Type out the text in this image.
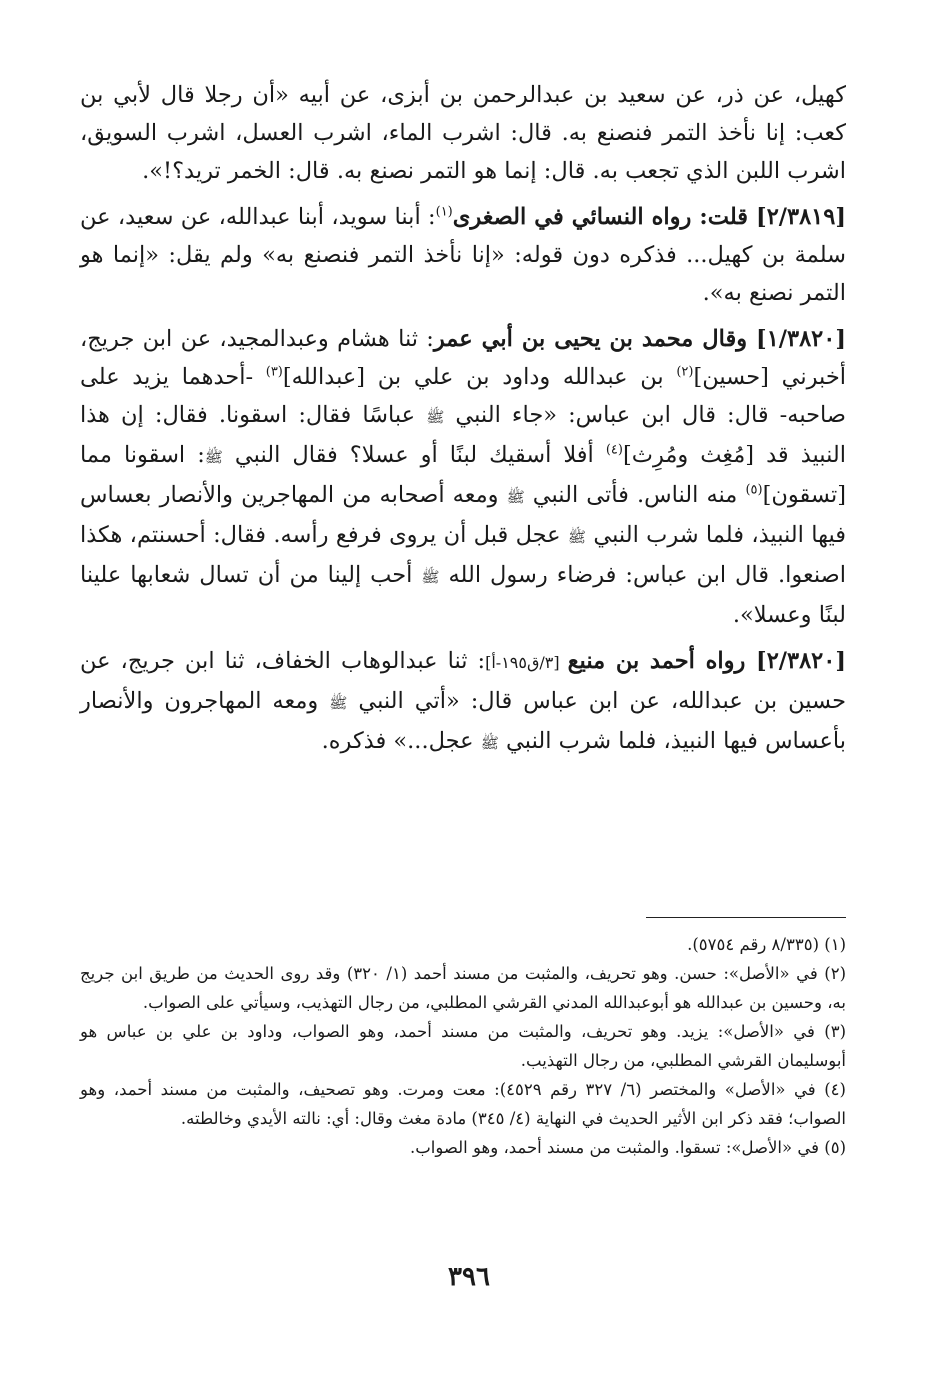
كهيل، عن ذر، عن سعيد بن عبدالرحمن بن أبزى، عن أبيه «أن رجلا قال لأبي بن كعب: إنا نأخذ التمر فنصنع به. قال: اشرب الماء، اشرب العسل، اشرب السويق، اشرب اللبن الذي تجعب به. قال: إنما هو التمر نصنع به. قال: الخمر تريد؟!».

[٢/٣٨١٩] قلت: رواه النسائي في الصغرى$^{(١)}$: أبنا سويد، أبنا عبدالله، عن سعيد، عن سلمة بن كهيل... فذكره دون قوله: «إنا نأخذ التمر فنصنع به» ولم يقل: «إنما هو التمر نصنع به».

[١/٣٨٢٠] وقال محمد بن يحيى بن أبي عمر: ثنا هشام وعبدالمجيد، عن ابن جريج، أخبرني [حسين]$^{(٢)}$ بن عبدالله وداود بن علي بن [عبدالله]$^{(٣)}$ -أحدهما يزيد على صاحبه- قال: قال ابن عباس: «جاء النبي ﷺ عباسًا فقال: اسقونا. فقال: إن هذا النبيذ قد [مُغِث ومُرِث]$^{(٤)}$ أفلا أسقيك لبنًا أو عسلا؟ فقال النبي ﷺ: اسقونا مما [تسقون]$^{(٥)}$ منه الناس. فأتى النبي ﷺ ومعه أصحابه من المهاجرين والأنصار بعساس فيها النبيذ، فلما شرب النبي ﷺ عجل قبل أن يروى فرفع رأسه. فقال: أحسنتم، هكذا اصنعوا. قال ابن عباس: فرضاء رسول الله ﷺ أحب إلينا من أن تسال شعابها علينا لبنًا وعسلا».

[٢/٣٨٢٠] رواه أحمد بن منيع [٣/ق١٩٥-أ]: ثنا عبدالوهاب الخفاف، ثنا ابن جريج، عن حسين بن عبدالله، عن ابن عباس قال: «أتي النبي ﷺ ومعه المهاجرون والأنصار بأعساس فيها النبيذ، فلما شرب النبي ﷺ عجل...» فذكره.

(١) (٨/٣٣٥ رقم ٥٧٥٤).

(٢) في «الأصل»: حسن. وهو تحريف، والمثبت من مسند أحمد (١/ ٣٢٠) وقد روى الحديث من طريق ابن جريج به، وحسين بن عبدالله هو أبوعبدالله المدني القرشي المطلبي، من رجال التهذيب، وسيأتي على الصواب.

(٣) في «الأصل»: يزيد. وهو تحريف، والمثبت من مسند أحمد، وهو الصواب، وداود بن علي بن عباس هو أبوسليمان القرشي المطلبي، من رجال التهذيب.

(٤) في «الأصل» والمختصر (٦/ ٣٢٧ رقم ٤٥٢٩): معت ومرت. وهو تصحيف، والمثبت من مسند أحمد، وهو الصواب؛ فقد ذكر ابن الأثير الحديث في النهاية (٤/ ٣٤٥) مادة مغث وقال: أي: نالته الأيدي وخالطته.

(٥) في «الأصل»: تسقوا. والمثبت من مسند أحمد، وهو الصواب.

٣٩٦
